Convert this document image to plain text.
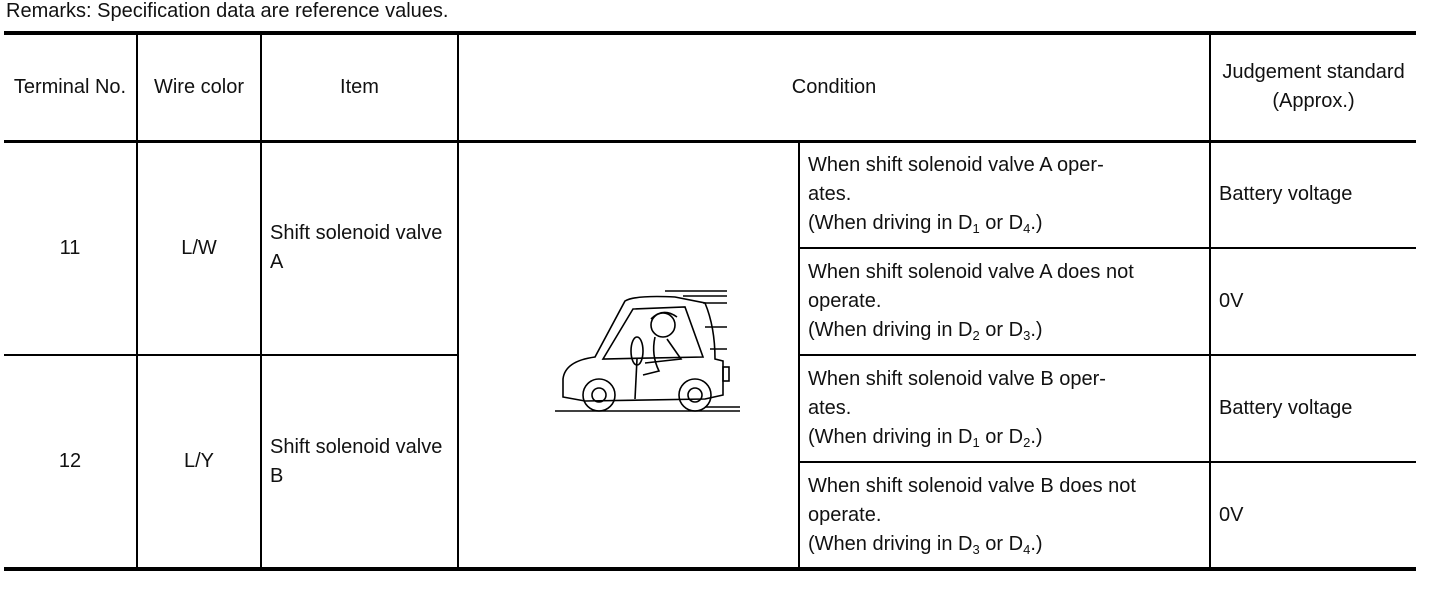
Remarks: Specification data are reference values.
Terminal No.	Wire color	Item	Condition		Judgement standard (Approx.)
11	L/W	Shift solenoid valve A		When shift solenoid valve A oper-
ates.
(When driving in $D_1$ or $D_4$.)	Battery voltage

				When shift solenoid valve A does not
operate.
(When driving in $D_2$ or $D_3$.)	0V
12	L/Y	Shift solenoid valve B		When shift solenoid valve B oper-
ates.
(When driving in $D_1$ or $D_2$.)	Battery voltage

				When shift solenoid valve B does not
operate.
(When driving in $D_3$ or $D_4$.)	0V
